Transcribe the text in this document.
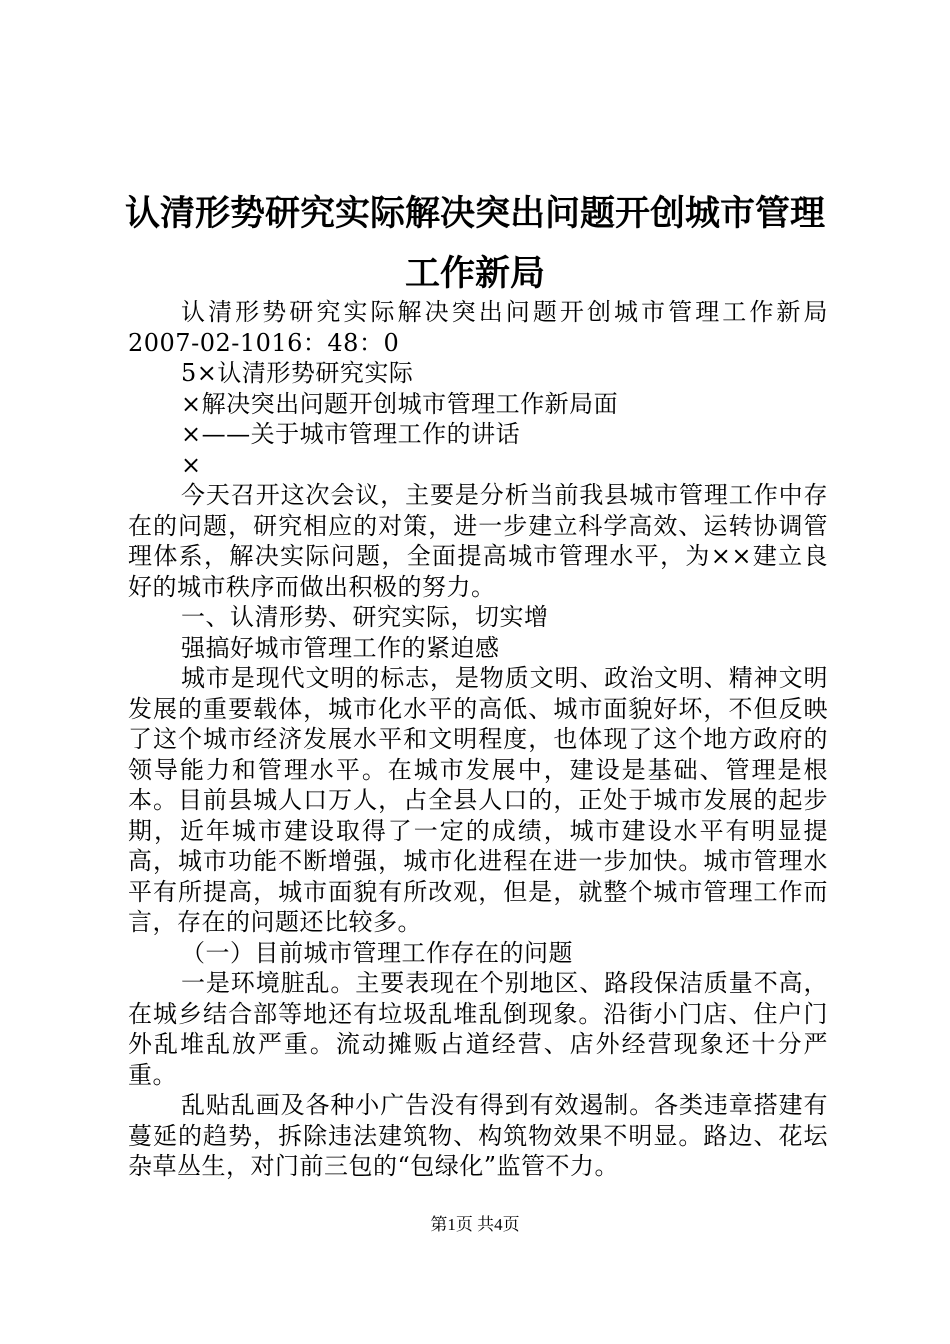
认清形势研究实际解决突出问题开创城市管理
工作新局

认清形势研究实际解决突出问题开创城市管理工作新局2007-02-1016：48：0

5×认清形势研究实际

×解决突出问题开创城市管理工作新局面

×——关于城市管理工作的讲话

×

今天召开这次会议，主要是分析当前我县城市管理工作中存在的问题，研究相应的对策，进一步建立科学高效、运转协调管理体系，解决实际问题，全面提高城市管理水平，为××建立良好的城市秩序而做出积极的努力。

一、认清形势、研究实际，切实增

强搞好城市管理工作的紧迫感

城市是现代文明的标志，是物质文明、政治文明、精神文明发展的重要载体，城市化水平的高低、城市面貌好坏，不但反映了这个城市经济发展水平和文明程度，也体现了这个地方政府的领导能力和管理水平。在城市发展中，建设是基础、管理是根本。目前县城人口万人，占全县人口的，正处于城市发展的起步期，近年城市建设取得了一定的成绩，城市建设水平有明显提高，城市功能不断增强，城市化进程在进一步加快。城市管理水平有所提高，城市面貌有所改观，但是，就整个城市管理工作而言，存在的问题还比较多。

（一）目前城市管理工作存在的问题

一是环境脏乱。主要表现在个别地区、路段保洁质量不高，在城乡结合部等地还有垃圾乱堆乱倒现象。沿街小门店、住户门外乱堆乱放严重。流动摊贩占道经营、店外经营现象还十分严重。

乱贴乱画及各种小广告没有得到有效遏制。各类违章搭建有蔓延的趋势，拆除违法建筑物、构筑物效果不明显。路边、花坛杂草丛生，对门前三包的“包绿化”监管不力。

第1页 共4页
